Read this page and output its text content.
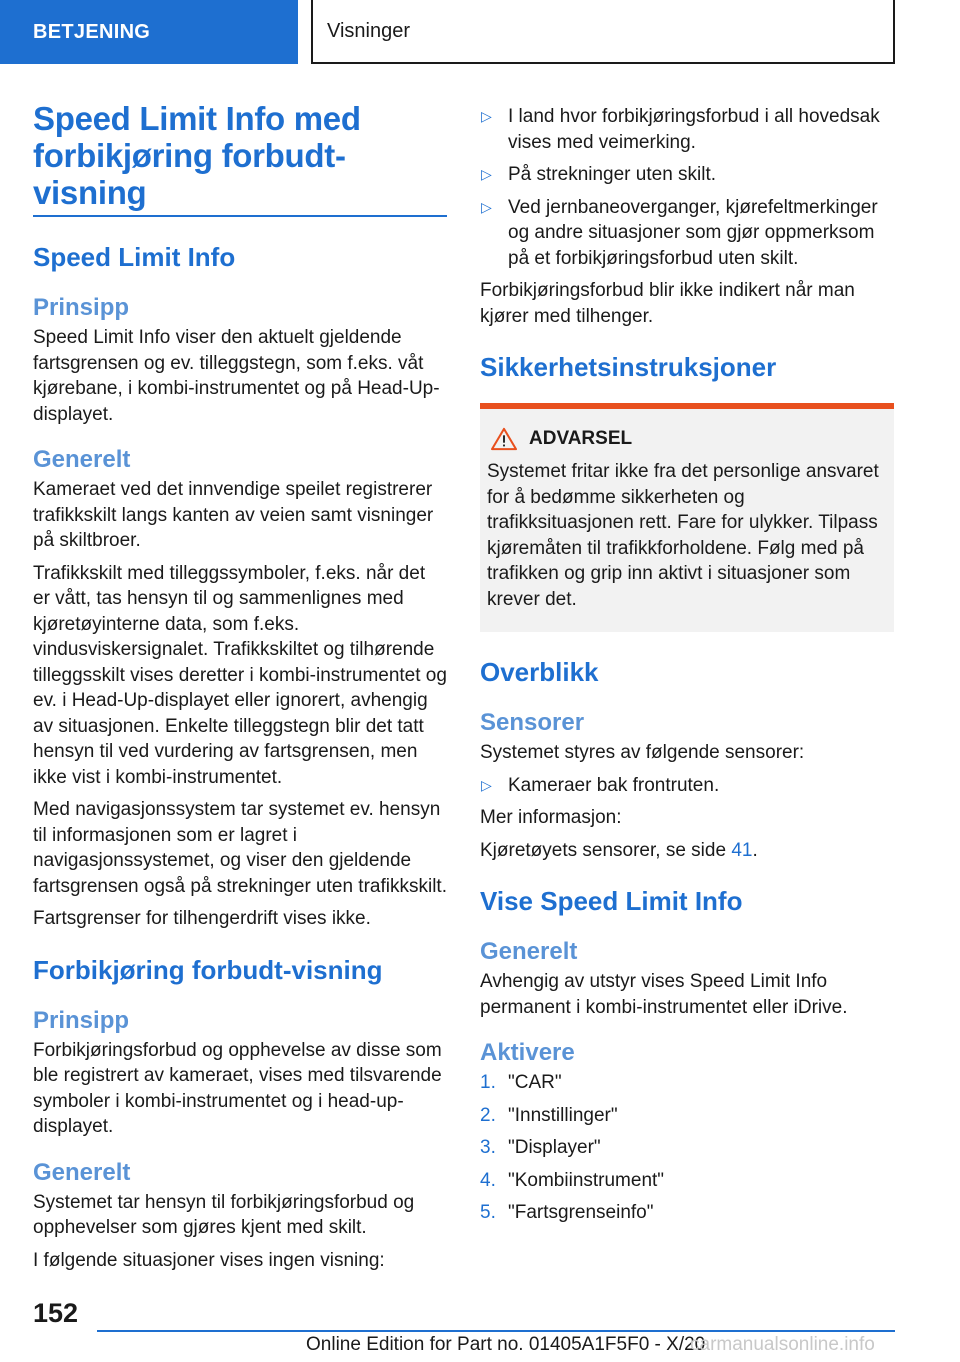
BETJENING	Visninger
Speed Limit Info med forbikjøring forbudt-visning
Speed Limit Info
Prinsipp

Speed Limit Info viser den aktuelt gjeldende fartsgrensen og ev. tilleggstegn, som f.eks. våt kjørebane, i kombi-instrumentet og på Head-Up-displayet.

Generelt

Kameraet ved det innvendige speilet registrerer trafikkskilt langs kanten av veien samt visninger på skiltbroer.

Trafikkskilt med tilleggssymboler, f.eks. når det er vått, tas hensyn til og sammenlignes med kjøretøyinterne data, som f.eks. vindusviskersignalet. Trafikkskiltet og tilhørende tilleggsskilt vises deretter i kombi-instrumentet og ev. i Head-Up-displayet eller ignorert, avhengig av situasjonen. Enkelte tilleggstegn blir det tatt hensyn til ved vurdering av fartsgrensen, men ikke vist i kombi-instrumentet.

Med navigasjonssystem tar systemet ev. hensyn til informasjonen som er lagret i navigasjonssystemet, og viser den gjeldende fartsgrensen også på strekninger uten trafikkskilt.

Fartsgrenser for tilhengerdrift vises ikke.

Forbikjøring forbudt-visning
Prinsipp

Forbikjøringsforbud og opphevelse av disse som ble registrert av kameraet, vises med tilsvarende symboler i kombi-instrumentet og i head-up-displayet.

Generelt

Systemet tar hensyn til forbikjøringsforbud og opphevelser som gjøres kjent med skilt.

I følgende situasjoner vises ingen visning:

▷ I land hvor forbikjøringsforbud i all hovedsak vises med veimerking.
▷ På strekninger uten skilt.
▷ Ved jernbaneoverganger, kjørefeltmerkinger og andre situasjoner som gjør oppmerksom på et forbikjøringsforbud uten skilt.

Forbikjøringsforbud blir ikke indikert når man kjører med tilhenger.

Sikkerhetsinstruksjoner
ADVARSEL

Systemet fritar ikke fra det personlige ansvaret for å bedømme sikkerheten og trafikksituasjonen rett. Fare for ulykker. Tilpass kjøremåten til trafikkforholdene. Følg med på trafikken og grip inn aktivt i situasjoner som krever det.

Overblikk
Sensorer

Systemet styres av følgende sensorer:

▷ Kameraer bak frontruten.

Mer informasjon:

Kjøretøyets sensorer, se side 41.

Vise Speed Limit Info
Generelt

Avhengig av utstyr vises Speed Limit Info permanent i kombi-instrumentet eller iDrive.

Aktivere
1. "CAR"
2. "Innstillinger"
3. "Displayer"
4. "Kombiinstrument"
5. "Fartsgrenseinfo"
152
Online Edition for Part no. 01405A1F5F0 - X/20
carmanualsonline.info
